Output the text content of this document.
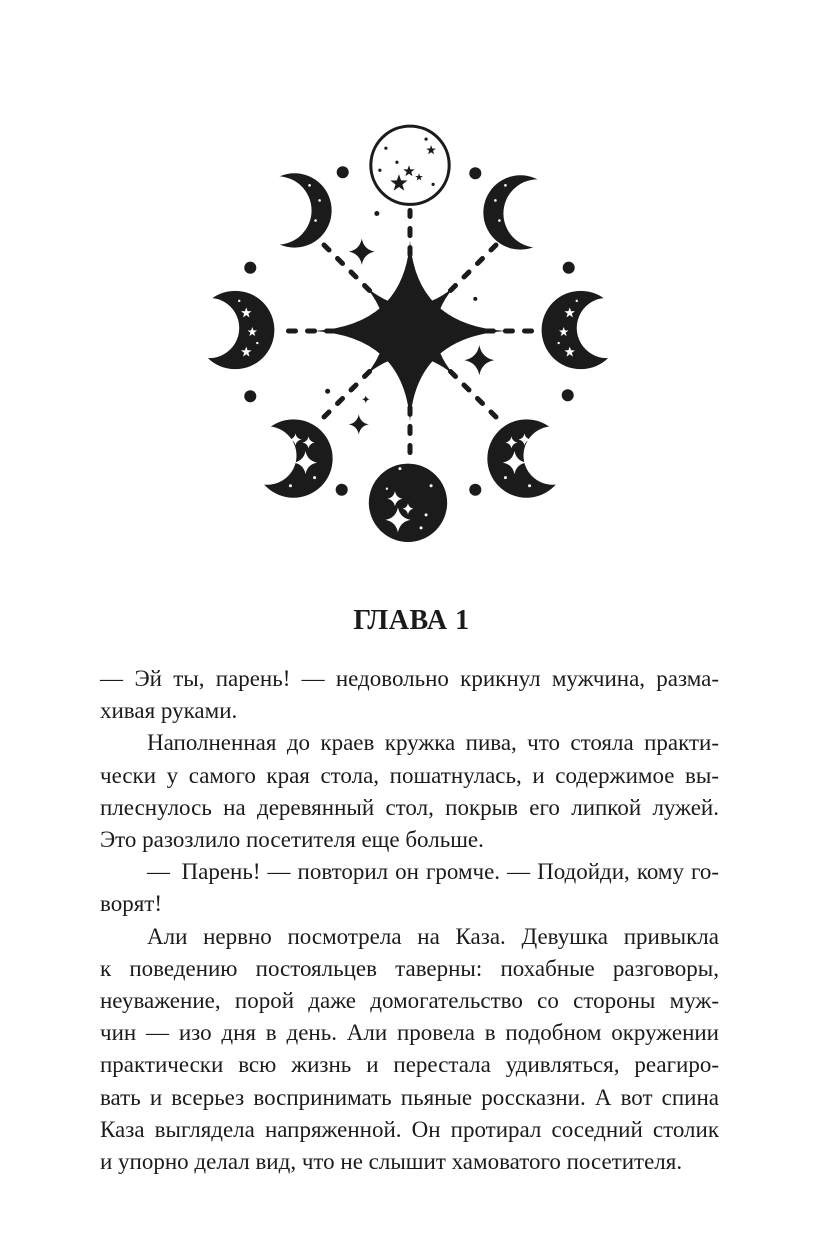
ГЛАВА 1
— Эй ты, парень! — недовольно крикнул мужчина, разма-
хивая руками.
Наполненная до краев кружка пива, что стояла практи-
чески у самого края стола, пошатнулась, и содержимое вы-
плеснулось на деревянный стол, покрыв его липкой лужей.
Это разозлило посетителя еще больше.
— Парень! — повторил он громче. — Подойди, кому го-
ворят!
Али нервно посмотрела на Каза. Девушка привыкла
к поведению постояльцев таверны: похабные разговоры,
неуважение, порой даже домогательство со стороны муж-
чин — изо дня в день. Али провела в подобном окружении
практически всю жизнь и перестала удивляться, реагиро-
вать и всерьез воспринимать пьяные россказни. А вот спина
Каза выглядела напряженной. Он протирал соседний столик
и упорно делал вид, что не слышит хамоватого посетителя.
